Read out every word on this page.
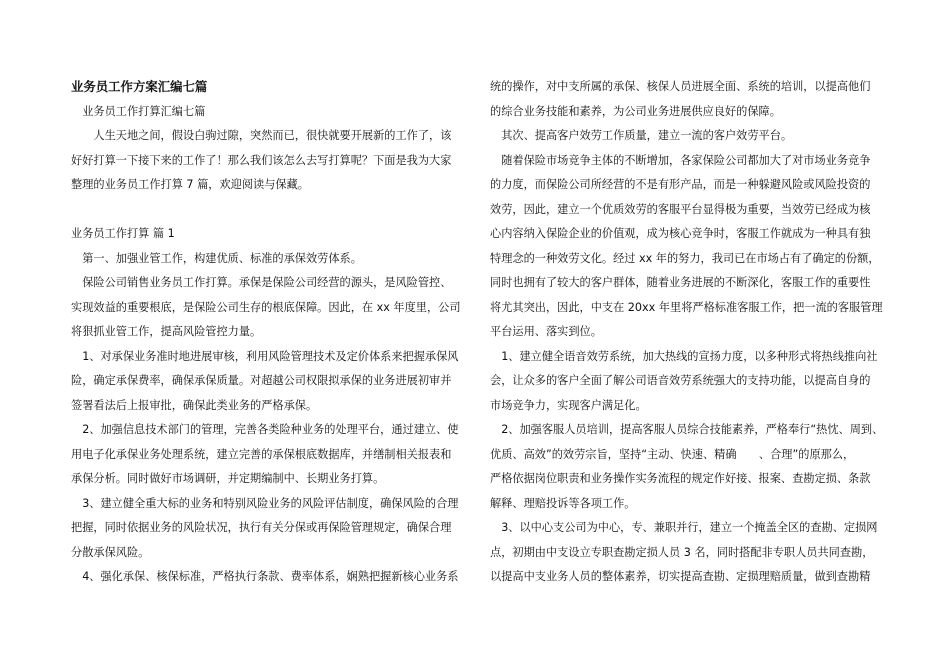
业务员工作方案汇编七篇
　业务员工作打算汇编七篇
　　人生天地之间，假设白驹过隙，突然而已，很快就要开展新的工作了，该
好好打算一下接下来的工作了！那么我们该怎么去写打算呢？下面是我为大家
整理的业务员工作打算 7 篇，欢迎阅读与保藏。
业务员工作打算 篇 1
　第一、加强业管工作，构建优质、标准的承保效劳体系。
　保险公司销售业务员工作打算。承保是保险公司经营的源头，是风险管控、
实现效益的重要根底，是保险公司生存的根底保障。因此，在 xx 年度里，公司
将狠抓业管工作，提高风险管控力量。
　1、对承保业务准时地进展审核，利用风险管理技术及定价体系来把握承保风
险，确定承保费率，确保承保质量。对超越公司权限拟承保的业务进展初审并
签署看法后上报审批，确保此类业务的严格承保。
　2、加强信息技术部门的管理，完善各类险种业务的处理平台，通过建立、使
用电子化承保业务处理系统，建立完善的承保根底数据库，并缮制相关报表和
承保分析。同时做好市场调研，并定期编制中、长期业务打算。
　3、建立健全重大标的业务和特别风险业务的风险评估制度，确保风险的合理
把握，同时依据业务的风险状况，执行有关分保或再保险管理规定，确保合理
分散承保风险。
　4、强化承保、核保标准，严格执行条款、费率体系，娴熟把握新核心业务系
统的操作，对中支所属的承保、核保人员进展全面、系统的培训，以提高他们
的综合业务技能和素养，为公司业务进展供应良好的保障。
　其次、提高客户效劳工作质量，建立一流的客户效劳平台。
　随着保险市场竞争主体的不断增加，各家保险公司都加大了对市场业务竞争
的力度，而保险公司所经营的不是有形产品，而是一种躲避风险或风险投资的
效劳，因此，建立一个优质效劳的客服平台显得极为重要，当效劳已经成为核
心内容纳入保险企业的价值观，成为核心竞争时，客服工作就成为一种具有独
特理念的一种效劳文化。经过 xx 年的努力，我司已在市场占有了确定的份额，
同时也拥有了较大的客户群体，随着业务进展的不断深化，客服工作的重要性
将尤其突出，因此，中支在 20xx 年里将严格标准客服工作，把一流的客服管理
平台运用、落实到位。
　1、建立健全语音效劳系统，加大热线的宣扬力度，以多种形式将热线推向社
会，让众多的客户全面了解公司语音效劳系统强大的支持功能，以提高自身的
市场竞争力，实现客户满足化。
　2、加强客服人员培训，提高客服人员综合技能素养，严格奉行“热忱、周到、
优质、高效”的效劳宗旨，坚持“主动、快速、精确　　、合理”的原那么，
严格依据岗位职责和业务操作实务流程的规定作好接、报案、查勘定损、条款
解释、理赔投诉等各项工作。
　3、以中心支公司为中心，专、兼职并行，建立一个掩盖全区的查勘、定损网
点，初期由中支设立专职查勘定损人员 3 名，同时搭配非专职人员共同查勘，
以提高中支业务人员的整体素养，切实提高查勘、定损理赔质量，做到查勘精
